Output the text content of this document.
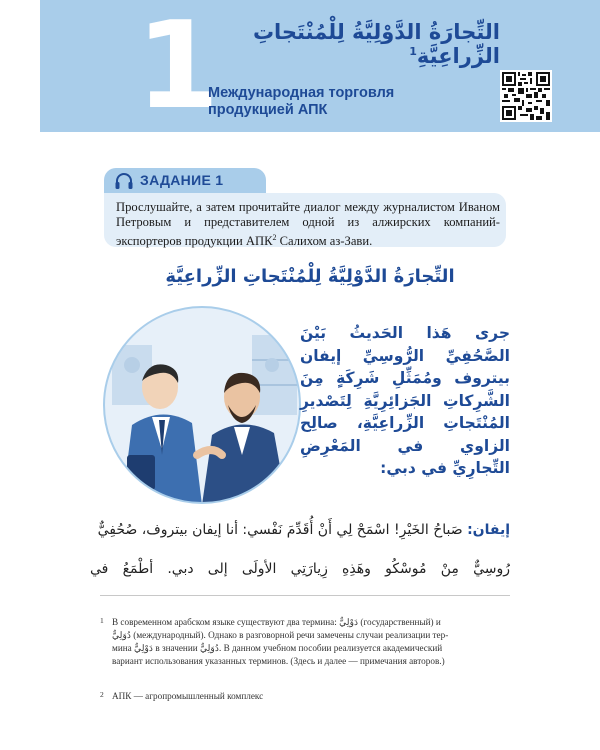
1	التِّجارَةُ الدَّوْلِيَّةُ لِلْمُنْتَجاتِ الزِّراعِيَّةِ$^1$
Международная торговля продукцией АПК
ЗАДАНИЕ 1
Прослушайте, а затем прочитайте диалог между журналистом Иваном Петровым и представителем одной из алжирских компаний-экспортеров продукции АПК$^2$ Салихом аз-Зави.
التِّجارَةُ الدَّوْلِيَّةُ لِلْمُنْتَجاتِ الزِّراعِيَّةِ
جرى هَذا الحَديثُ بَيْنَ الصَّحُفِيِّ الرُّوسِيِّ إيفان بيتروف ومُمَثِّلِ شَرِكَةٍ مِنَ الشَّرِكاتِ الجَزائِرِيَّةِ لِتَصْديرِ المُنْتَجاتِ الزِّراعِيَّةِ، صالِح الزاوي في المَعْرِضِ التِّجارِيِّ في دبي:
إيفان: صَباحُ الخَيْرِ! اسْمَحْ لِي أَنْ أُقَدِّمَ نَفْسي: أنا إيفان بيتروف، صُحُفِيٌّ
رُوسِيٌّ مِنْ مُوسْكُو وهَذِهِ زِيارَتِي الأولَى إلى دبي. أطْمَعُ في
1 В современном арабском языке существуют два термина: دَوْلِيٌّ (государственный) и
دُوَلِيٌّ (международный). Однако в разговорной речи замечены случаи реализации тер-
мина دَوْلِيٌّ в значении دُوَلِيٌّ. В данном учебном пособии реализуется академический
вариант использования указанных терминов. (Здесь и далее — примечания авторов.)
2 АПК — агропромышленный комплекс
